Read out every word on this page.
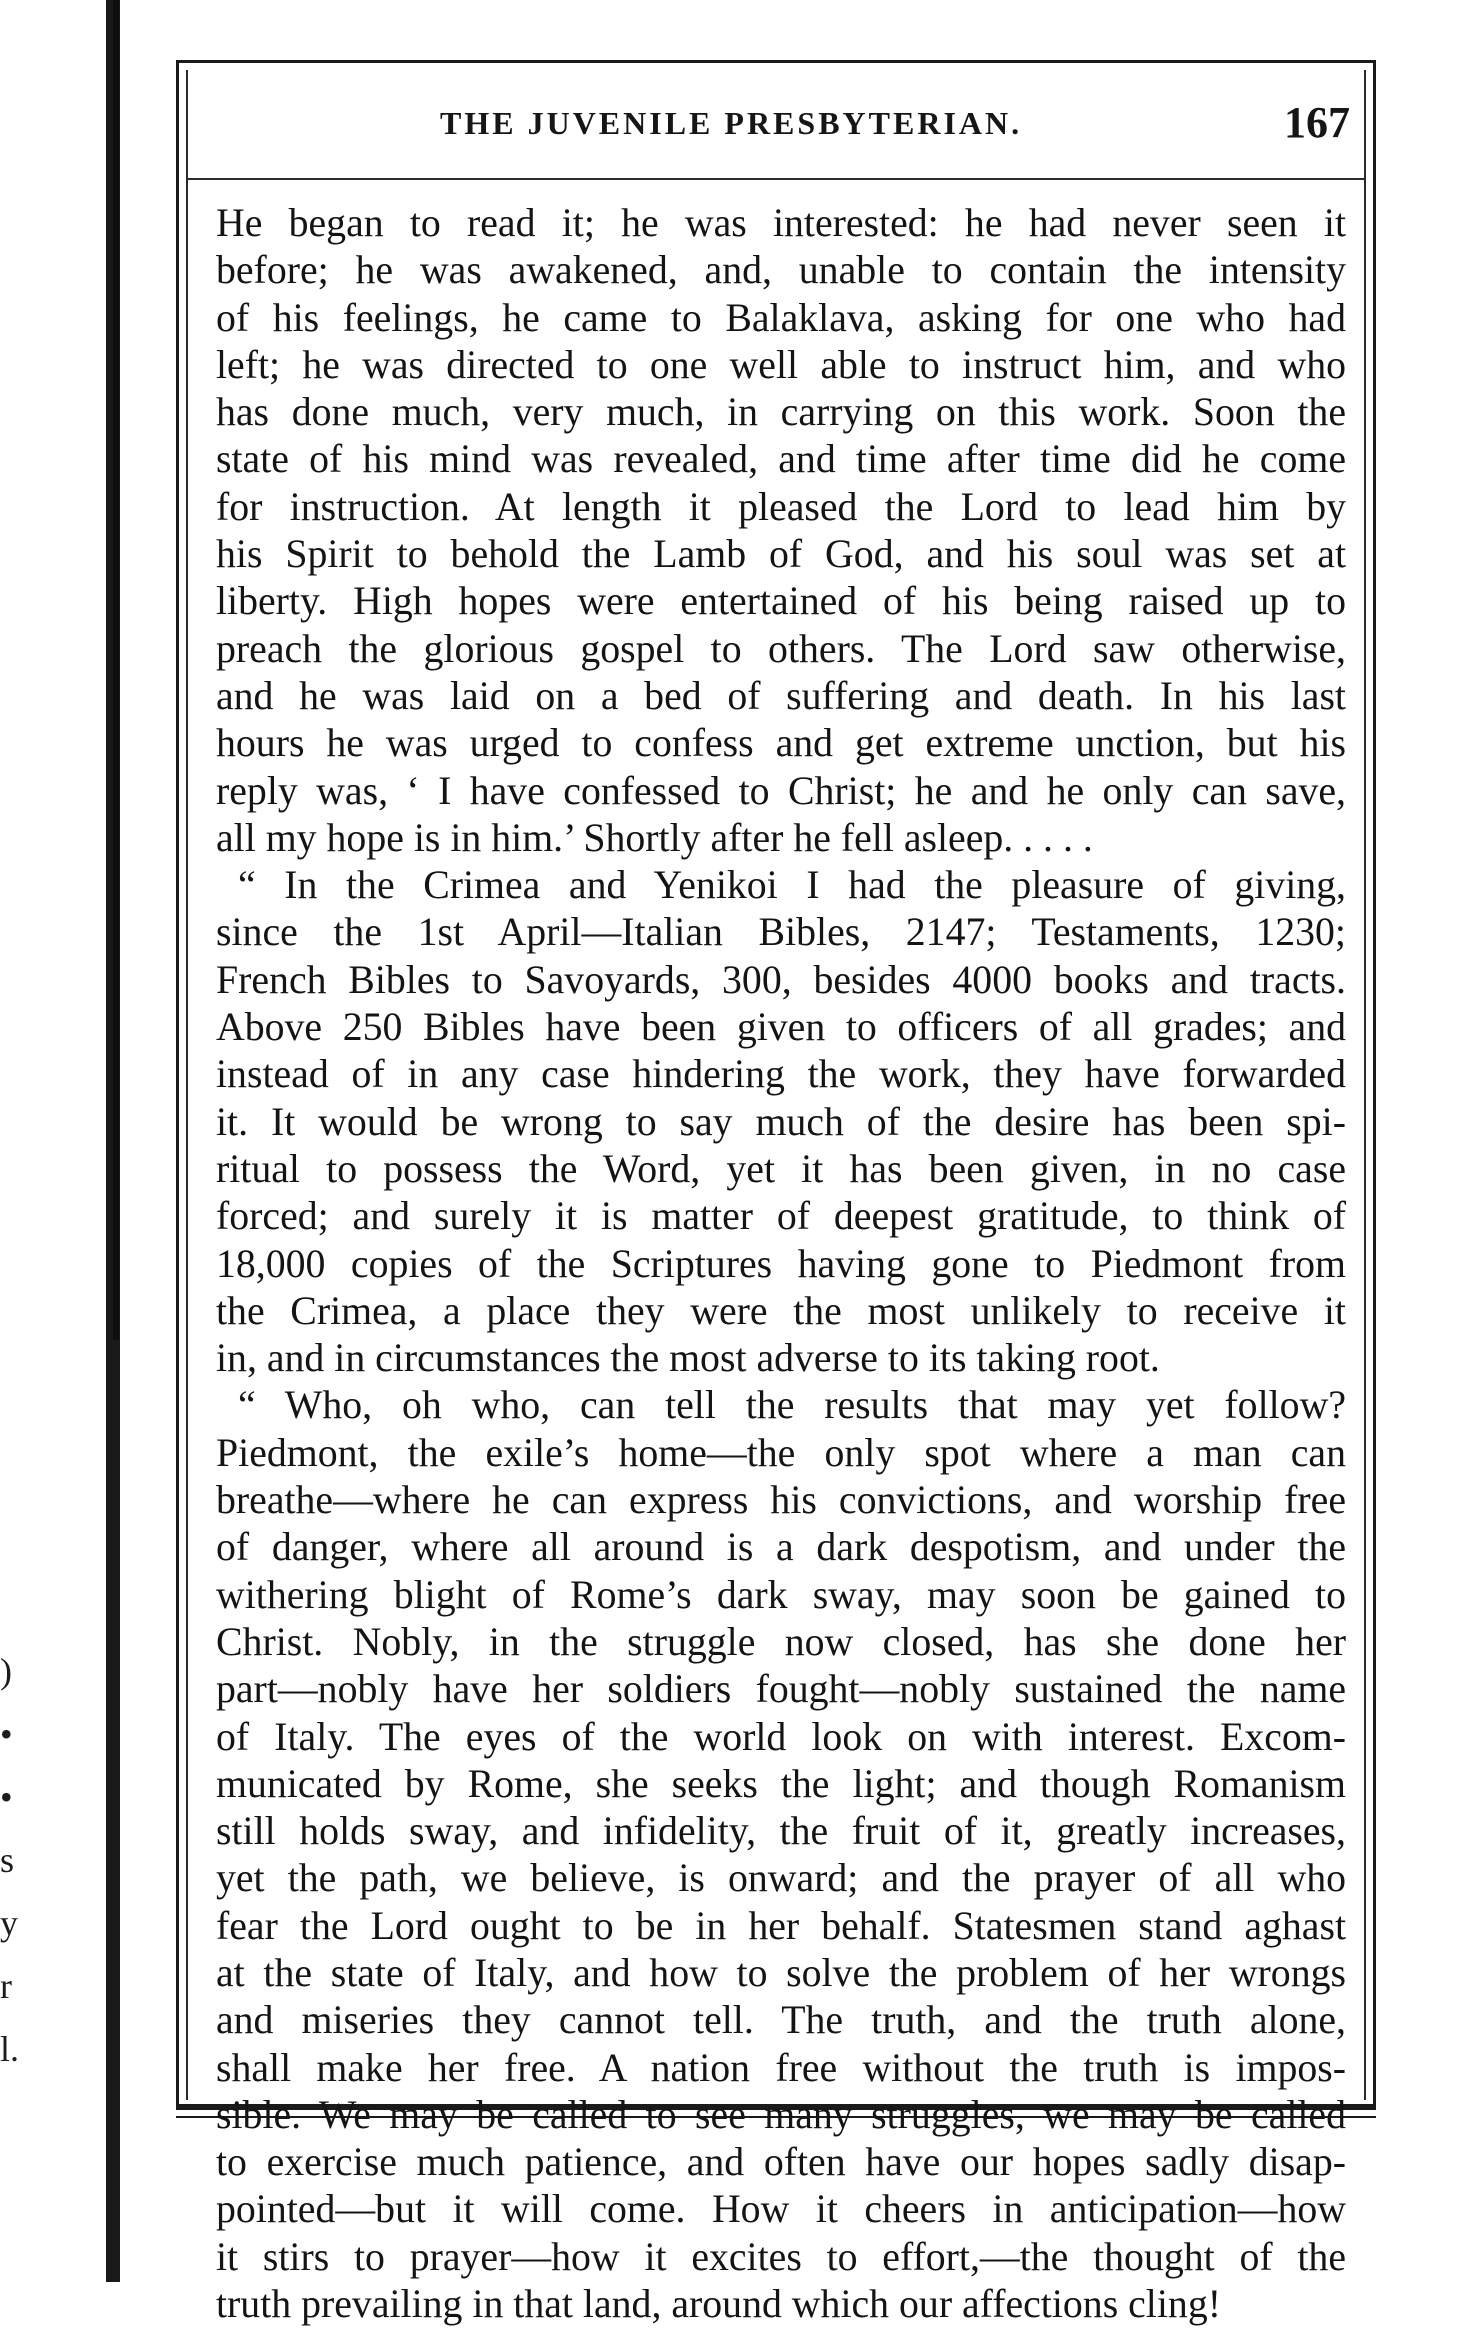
)
•
•
s
y
r
l.
THE JUVENILE PRESBYTERIAN.	167
He began to read it; he was interested: he had never seen it
before; he was awakened, and, unable to contain the intensity
of his feelings, he came to Balaklava, asking for one who had
left; he was directed to one well able to instruct him, and who
has done much, very much, in carrying on this work. Soon the
state of his mind was revealed, and time after time did he come
for instruction. At length it pleased the Lord to lead him by
his Spirit to behold the Lamb of God, and his soul was set at
liberty. High hopes were entertained of his being raised up to
preach the glorious gospel to others. The Lord saw otherwise,
and he was laid on a bed of suffering and death. In his last
hours he was urged to confess and get extreme unction, but his
reply was, ‘ I have confessed to Christ; he and he only can save,
all my hope is in him.’ Shortly after he fell asleep. . . . .
“ In the Crimea and Yenikoi I had the pleasure of giving,
since the 1st April—Italian Bibles, 2147; Testaments, 1230;
French Bibles to Savoyards, 300, besides 4000 books and tracts.
Above 250 Bibles have been given to officers of all grades; and
instead of in any case hindering the work, they have forwarded
it. It would be wrong to say much of the desire has been spi-
ritual to possess the Word, yet it has been given, in no case
forced; and surely it is matter of deepest gratitude, to think of
18,000 copies of the Scriptures having gone to Piedmont from
the Crimea, a place they were the most unlikely to receive it
in, and in circumstances the most adverse to its taking root.
“ Who, oh who, can tell the results that may yet follow?
Piedmont, the exile’s home—the only spot where a man can
breathe—where he can express his convictions, and worship free
of danger, where all around is a dark despotism, and under the
withering blight of Rome’s dark sway, may soon be gained to
Christ. Nobly, in the struggle now closed, has she done her
part—nobly have her soldiers fought—nobly sustained the name
of Italy. The eyes of the world look on with interest. Excom-
municated by Rome, she seeks the light; and though Romanism
still holds sway, and infidelity, the fruit of it, greatly increases,
yet the path, we believe, is onward; and the prayer of all who
fear the Lord ought to be in her behalf. Statesmen stand aghast
at the state of Italy, and how to solve the problem of her wrongs
and miseries they cannot tell. The truth, and the truth alone,
shall make her free. A nation free without the truth is impos-
sible. We may be called to see many struggles, we may be called
to exercise much patience, and often have our hopes sadly disap-
pointed—but it will come. How it cheers in anticipation—how
it stirs to prayer—how it excites to effort,—the thought of the
truth prevailing in that land, around which our affections cling!
